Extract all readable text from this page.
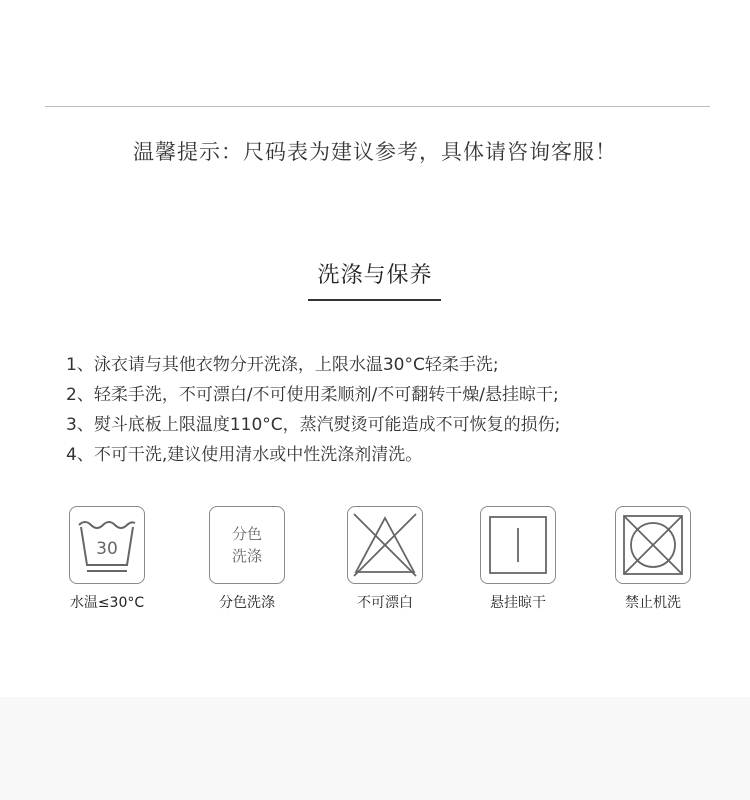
温馨提示：尺码表为建议参考，具体请咨询客服！
洗涤与保养
1、泳衣请与其他衣物分开洗涤，上限水温30°C轻柔手洗;
2、轻柔手洗，不可漂白/不可使用柔顺剂/不可翻转干燥/悬挂晾干;
3、熨斗底板上限温度110°C，蒸汽熨烫可能造成不可恢复的损伤;
4、不可干洗,建议使用清水或中性洗涤剂清洗。
30
水温≤30°C
分色
洗涤
分色洗涤	不可漂白	悬挂晾干	禁止机洗
